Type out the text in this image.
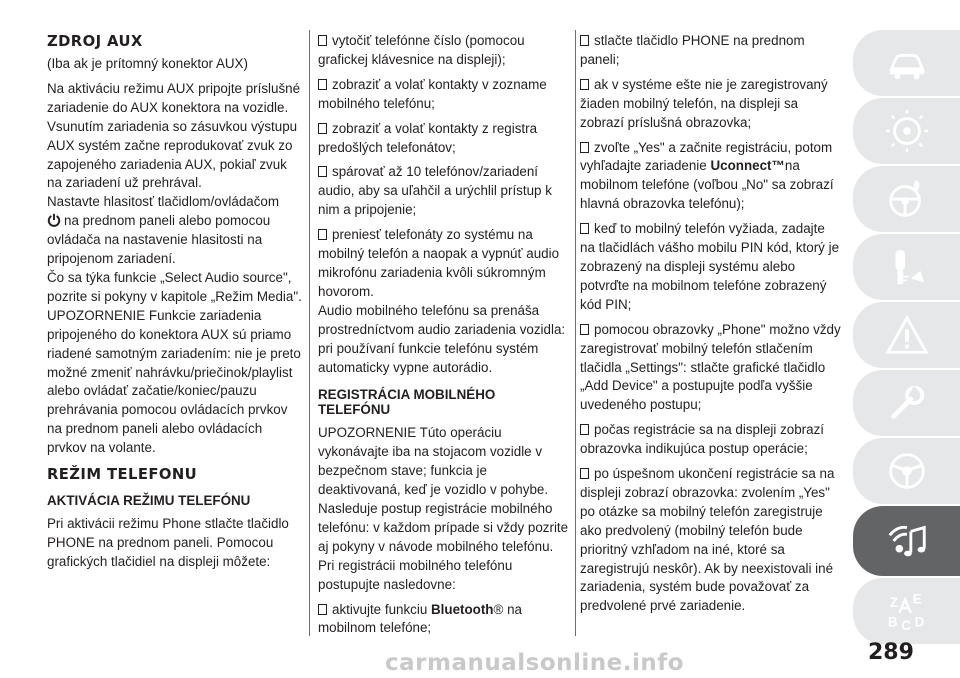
ZDROJ AUX

(Iba ak je prítomný konektor AUX)

Na aktiváciu režimu AUX pripojte príslušné zariadenie do AUX konektora na vozidle.

Vsunutím zariadenia so zásuvkou výstupu AUX systém začne reprodukovať zvuk zo zapojeného zariadenia AUX, pokiaľ zvuk na zariadení už prehrával.

Nastavte hlasitosť tlačidlom/ovládačom
na prednom paneli alebo pomocou ovládača na nastavenie hlasitosti na pripojenom zariadení.

Čo sa týka funkcie „Select Audio source", pozrite si pokyny v kapitole „Režim Media".

UPOZORNENIE Funkcie zariadenia pripojeného do konektora AUX sú priamo riadené samotným zariadením: nie je preto možné zmeniť nahrávku/priečinok/playlist alebo ovládať začatie/koniec/pauzu prehrávania pomocou ovládacích prvkov na prednom paneli alebo ovládacích prvkov na volante.

REŽIM TELEFONU
AKTIVÁCIA REŽIMU TELEFÓNU

Pri aktivácii režimu Phone stlačte tlačidlo PHONE na prednom paneli. Pomocou grafických tlačidiel na displeji môžete:

vytočiť telefónne číslo (pomocou grafickej klávesnice na displeji);

zobraziť a volať kontakty v zozname mobilného telefónu;

zobraziť a volať kontakty z registra predošlých telefonátov;

spárovať až 10 telefónov/zariadení audio, aby sa uľahčil a urýchlil prístup k nim a pripojenie;

preniesť telefonáty zo systému na mobilný telefón a naopak a vypnúť audio mikrofónu zariadenia kvôli súkromným hovorom.

Audio mobilného telefónu sa prenáša prostredníctvom audio zariadenia vozidla: pri používaní funkcie telefónu systém automaticky vypne autorádio.

REGISTRÁCIA MOBILNÉHO TELEFÓNU

UPOZORNENIE Túto operáciu vykonávajte iba na stojacom vozidle v bezpečnom stave; funkcia je deaktivovaná, keď je vozidlo v pohybe.

Nasleduje postup registrácie mobilného telefónu: v každom prípade si vždy pozrite aj pokyny v návode mobilného telefónu.

Pri registrácii mobilného telefónu postupujte nasledovne:

aktivujte funkciu Bluetooth® na mobilnom telefóne;

stlačte tlačidlo PHONE na prednom paneli;

ak v systéme ešte nie je zaregistrovaný žiaden mobilný telefón, na displeji sa zobrazí príslušná obrazovka;

zvoľte „Yes" a začnite registráciu, potom vyhľadajte zariadenie Uconnect™na mobilnom telefóne (voľbou „No" sa zobrazí hlavná obrazovka telefónu);

keď to mobilný telefón vyžiada, zadajte na tlačidlách vášho mobilu PIN kód, ktorý je zobrazený na displeji systému alebo potvrďte na mobilnom telefóne zobrazený kód PIN;

pomocou obrazovky „Phone" možno vždy zaregistrovať mobilný telefón stlačením tlačidla „Settings": stlačte grafické tlačidlo „Add Device" a postupujte podľa vyššie uvedeného postupu;

počas registrácie sa na displeji zobrazí obrazovka indikujúca postup operácie;

po úspešnom ukončení registrácie sa na displeji zobrazí obrazovka: zvolením „Yes" po otázke sa mobilný telefón zaregistruje ako predvolený (mobilný telefón bude prioritný vzhľadom na iné, ktoré sa zaregistrujú neskôr). Ak by neexistovali iné zariadenia, systém bude považovať za predvolené prvé zariadenie.	Z E
B C D
289
carmanualsonline.info
